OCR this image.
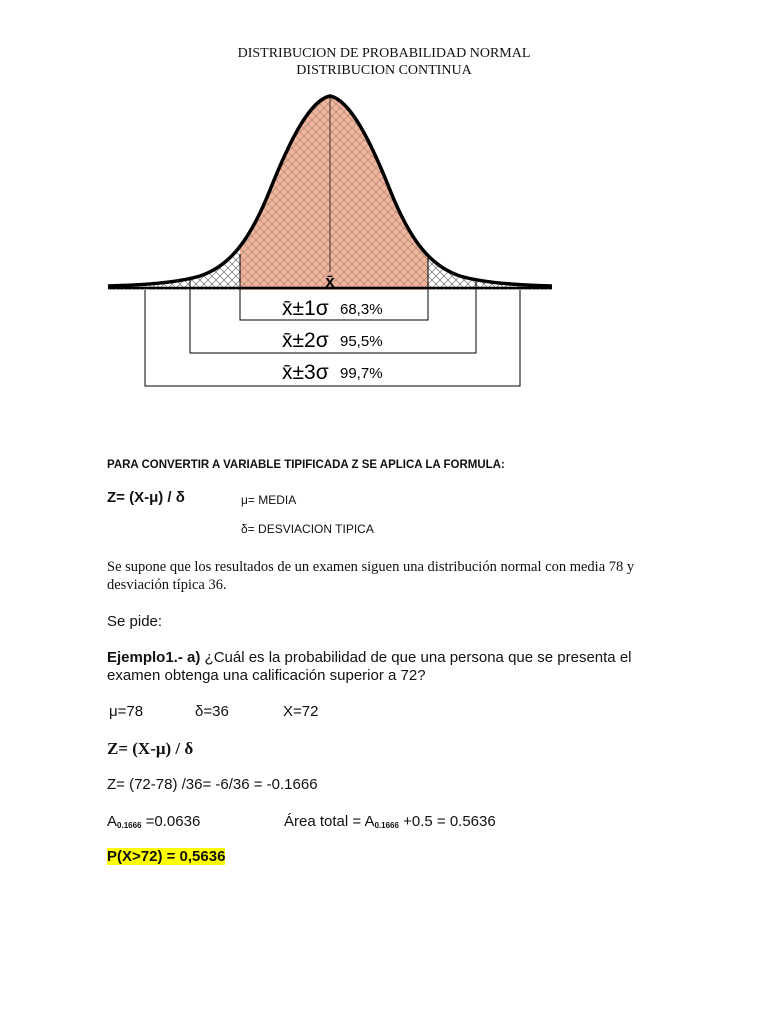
DISTRIBUCION DE PROBABILIDAD NORMAL
DISTRIBUCION CONTINUA
x̄
x̄±1σ 68,3%
x̄±2σ 95,5%
x̄±3σ 99,7%
PARA CONVERTIR A VARIABLE TIPIFICADA Z SE APLICA LA FORMULA:
Z= (X-μ) / δ	μ= MEDIA
δ= DESVIACION TIPICA
Se supone que los resultados de un examen siguen una distribución normal con media 78 y
desviación típica 36.
Se pide:
Ejemplo1.- a) ¿Cuál es la probabilidad de que una persona que se presenta el
examen obtenga una calificación superior a 72?
μ=78	δ=36	X=72
Z= (X-μ) / δ
Z= (72-78) /36= -6/36 = -0.1666
$A_{0.1666} =0.0636$	Área total = $A_{0.1666} +0.5 = 0.5636$
P(X>72) = 0,5636
